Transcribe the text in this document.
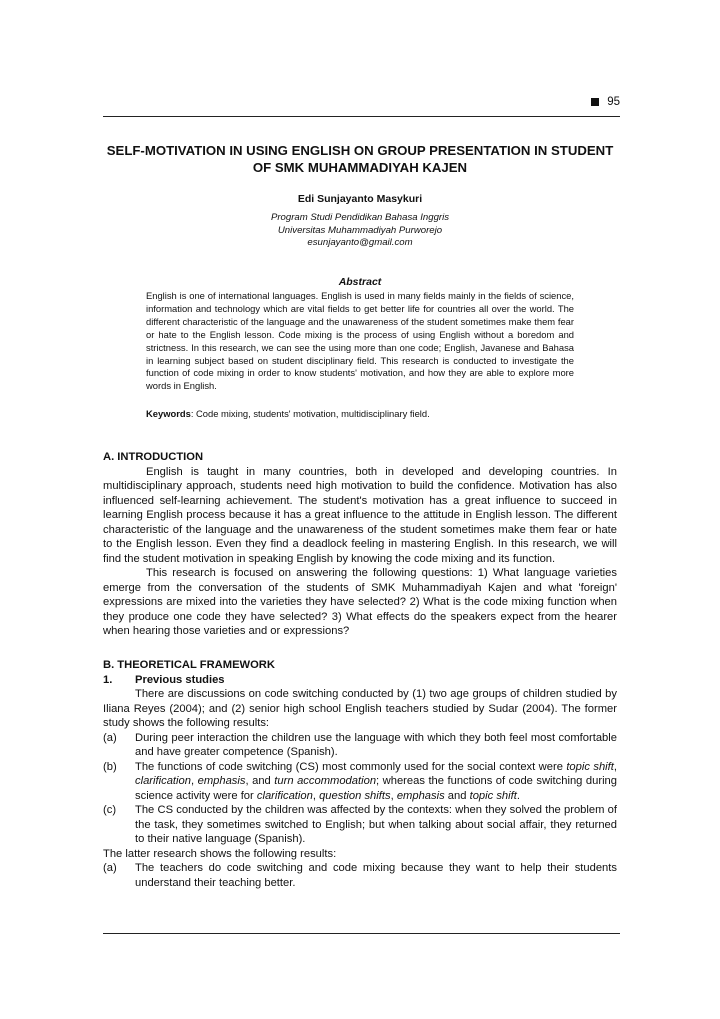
95
SELF-MOTIVATION IN USING ENGLISH ON GROUP PRESENTATION IN STUDENT OF SMK MUHAMMADIYAH KAJEN
Edi Sunjayanto Masykuri
Program Studi Pendidikan Bahasa Inggris
Universitas Muhammadiyah Purworejo
esunjayanto@gmail.com
Abstract
English is one of international languages. English is used in many fields mainly in the fields of science, information and technology which are vital fields to get better life for countries all over the world. The different characteristic of the language and the unawareness of the student sometimes make them fear or hate to the English lesson. Code mixing is the process of using English without a boredom and strictness. In this research, we can see the using more than one code; English, Javanese and Bahasa in learning subject based on student disciplinary field. This research is conducted to investigate the function of code mixing in order to know students' motivation, and how they are able to explore more words in English.
Keywords: Code mixing, students' motivation, multidisciplinary field.

A. INTRODUCTION

English is taught in many countries, both in developed and developing countries. In multidisciplinary approach, students need high motivation to build the confidence. Motivation has also influenced self-learning achievement. The student's motivation has a great influence to succeed in learning English process because it has a great influence to the attitude in English lesson. The different characteristic of the language and the unawareness of the student sometimes make them fear or hate to the English lesson. Even they find a deadlock feeling in mastering English. In this research, we will find the student motivation in speaking English by knowing the code mixing and its function.

This research is focused on answering the following questions: 1) What language varieties emerge from the conversation of the students of SMK Muhammadiyah Kajen and what 'foreign' expressions are mixed into the varieties they have selected? 2) What is the code mixing function when they produce one code they have selected? 3) What effects do the speakers expect from the hearer when hearing those varieties and or expressions?

B. THEORETICAL FRAMEWORK

1.	Previous studies

There are discussions on code switching conducted by (1) two age groups of children studied by Iliana Reyes (2004); and (2) senior high school English teachers studied by Sudar (2004). The former study shows the following results:

(a)	During peer interaction the children use the language with which they both feel most comfortable and have greater competence (Spanish).
(b)	The functions of code switching (CS) most commonly used for the social context were topic shift, clarification, emphasis, and turn accommodation; whereas the functions of code switching during science activity were for clarification, question shifts, emphasis and topic shift.
(c)	The CS conducted by the children was affected by the contexts: when they solved the problem of the task, they sometimes switched to English; but when talking about social affair, they returned to their native language (Spanish).

The latter research shows the following results:

(a)	The teachers do code switching and code mixing because they want to help their students understand their teaching better.
